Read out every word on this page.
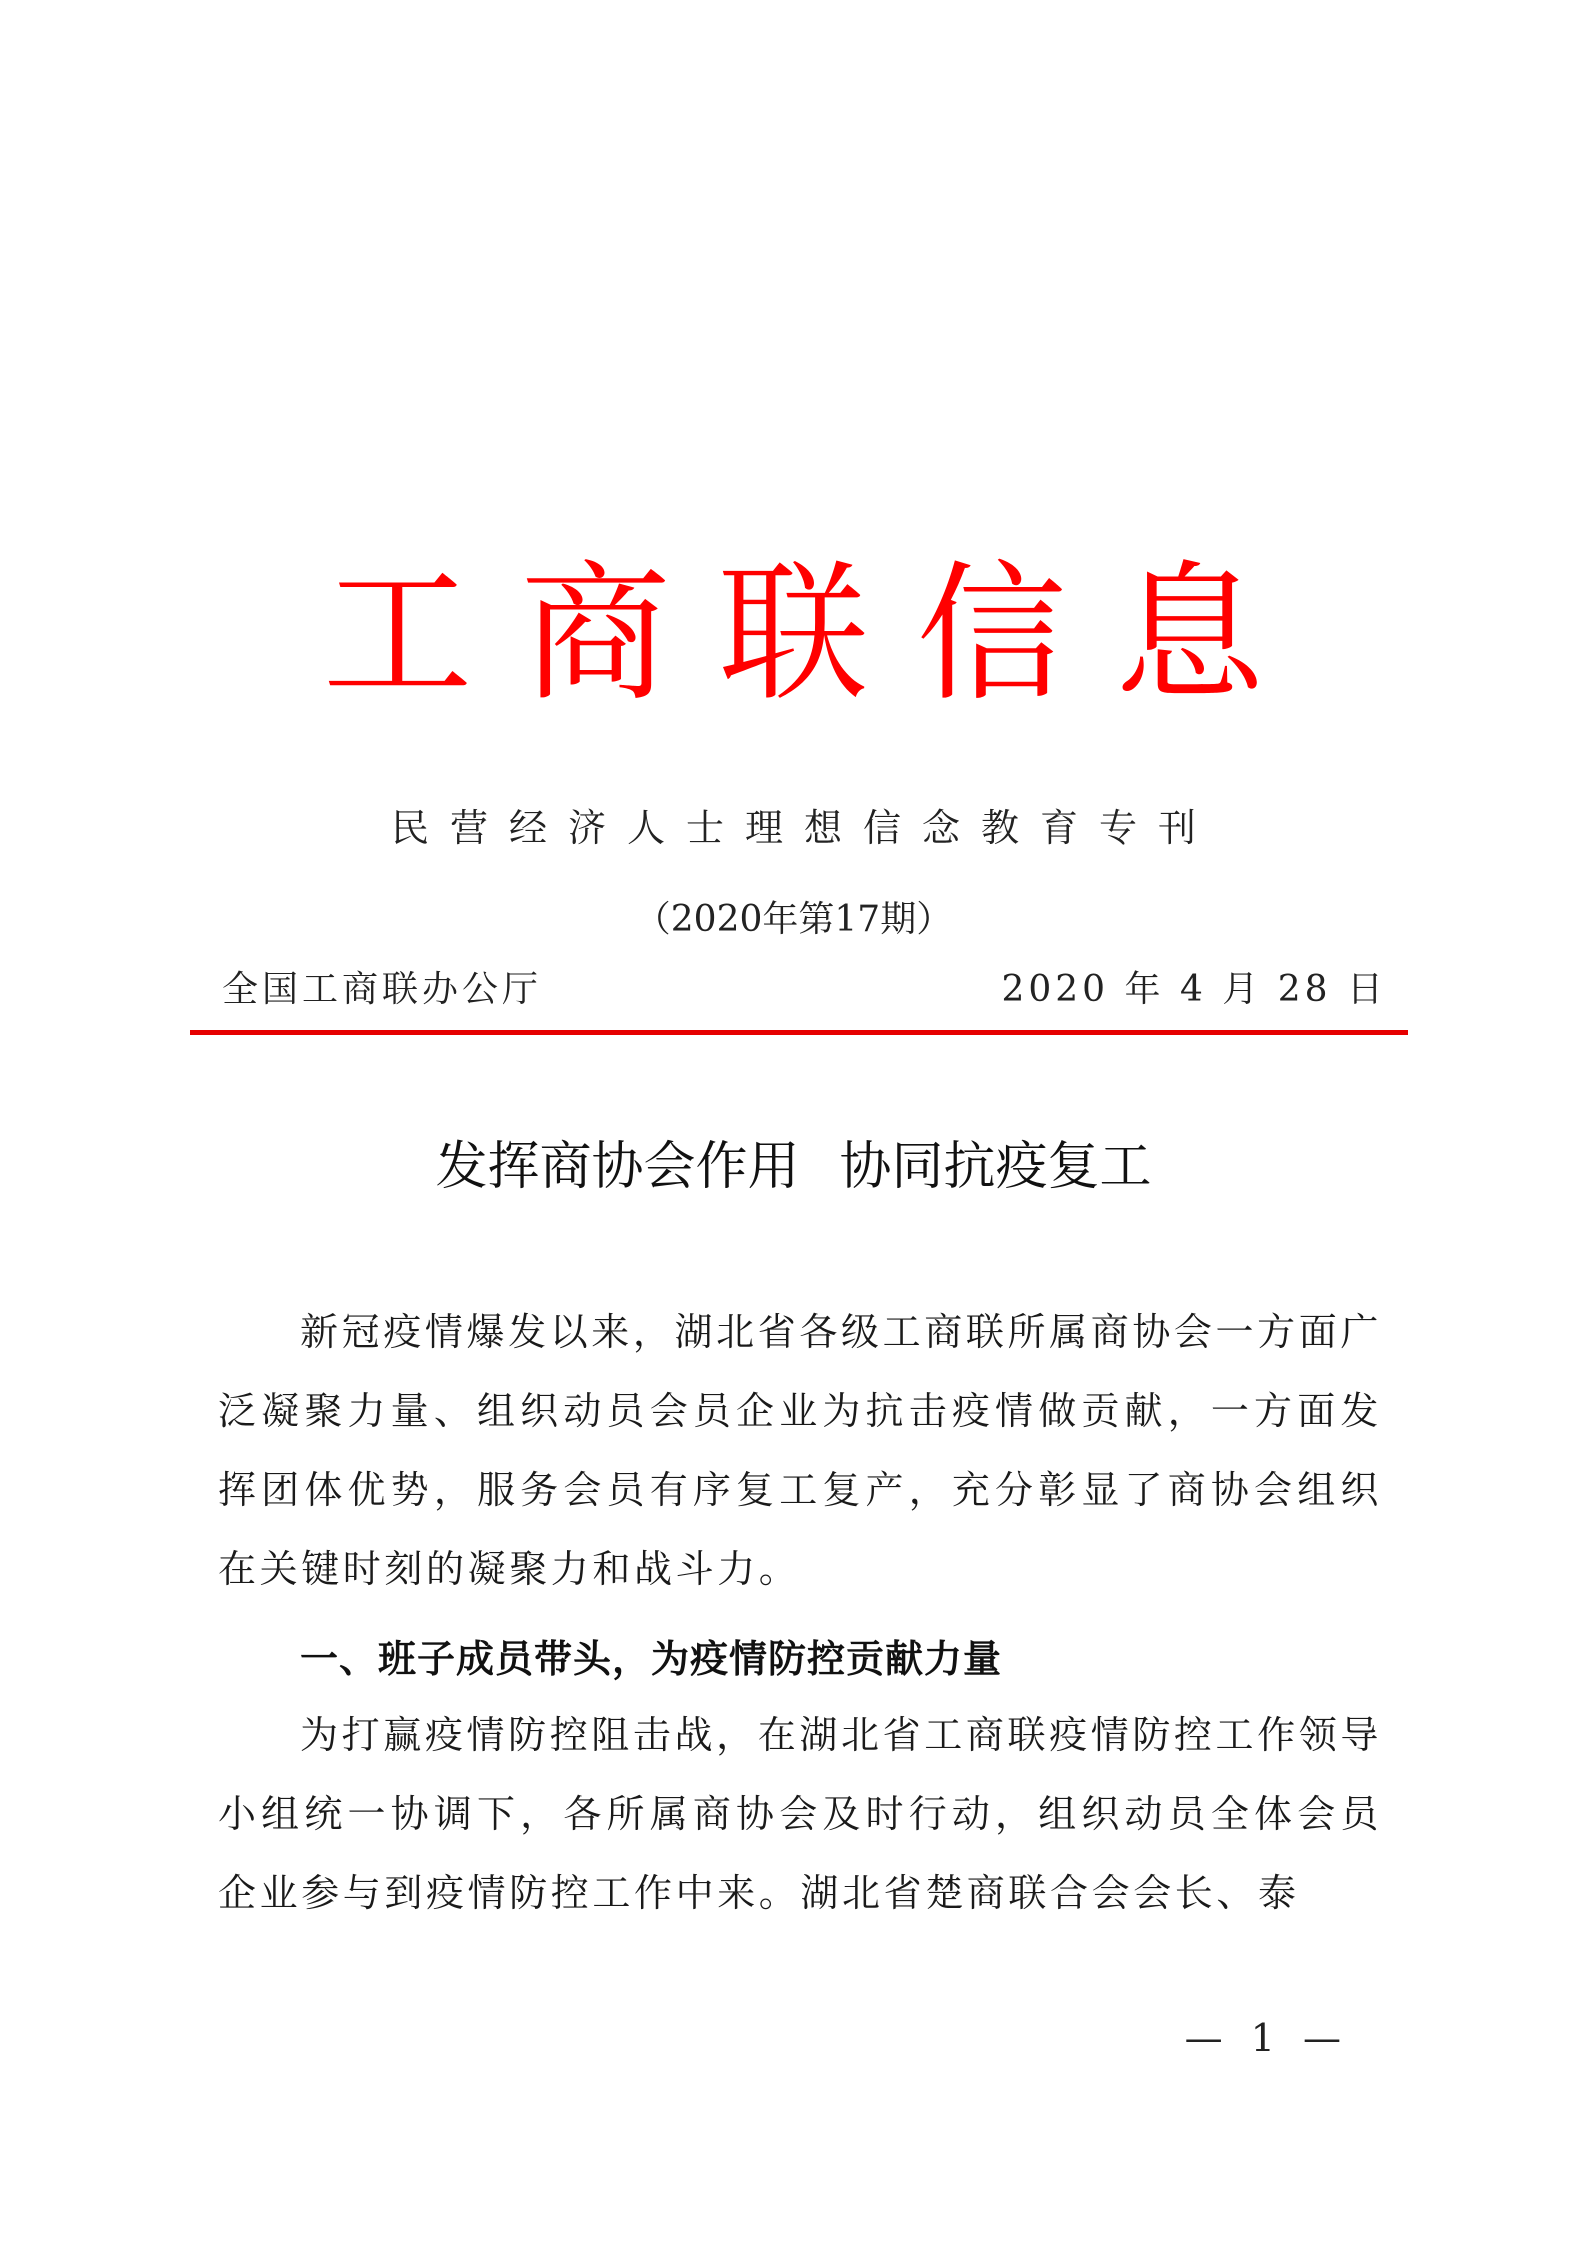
工商联信息
民营经济人士理想信念教育专刊
（2020年第17期）
全国工商联办公厅	2020 年 4 月 28 日
发挥商协会作用 协同抗疫复工

新冠疫情爆发以来，湖北省各级工商联所属商协会一方面广泛凝聚力量、组织动员会员企业为抗击疫情做贡献，一方面发挥团体优势，服务会员有序复工复产，充分彰显了商协会组织在关键时刻的凝聚力和战斗力。

一、班子成员带头，为疫情防控贡献力量

为打赢疫情防控阻击战，在湖北省工商联疫情防控工作领导小组统一协调下，各所属商协会及时行动，组织动员全体会员企业参与到疫情防控工作中来。湖北省楚商联合会会长、泰

— 1 —
